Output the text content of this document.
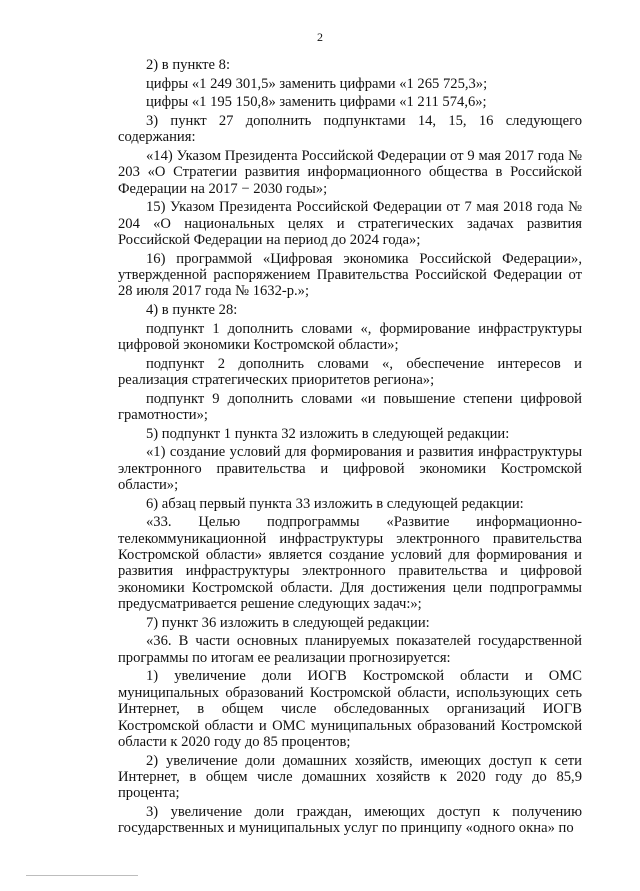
2

2) в пункте 8:

цифры «1 249 301,5» заменить цифрами «1 265 725,3»;

цифры «1 195 150,8» заменить цифрами «1 211 574,6»;

3) пункт 27 дополнить подпунктами 14, 15, 16 следующего содержания:

«14) Указом Президента Российской Федерации от 9 мая 2017 года № 203 «О Стратегии развития информационного общества в Российской Федерации на 2017 − 2030 годы»;

15) Указом Президента Российской Федерации от 7 мая 2018 года № 204 «О национальных целях и стратегических задачах развития Российской Федерации на период до 2024 года»;

16) программой «Цифровая экономика Российской Федерации», утвержденной распоряжением Правительства Российской Федерации от 28 июля 2017 года № 1632-р.»;

4) в пункте 28:

подпункт 1 дополнить словами «, формирование инфраструктуры цифровой экономики Костромской области»;

подпункт 2 дополнить словами «, обеспечение интересов и реализация стратегических приоритетов региона»;

подпункт 9 дополнить словами «и повышение степени цифровой грамотности»;

5) подпункт 1 пункта 32 изложить в следующей редакции:

«1) создание условий для формирования и развития инфраструктуры электронного правительства и цифровой экономики Костромской области»;

6) абзац первый пункта 33 изложить в следующей редакции:

«33. Целью подпрограммы «Развитие информационно-телекоммуникационной инфраструктуры электронного правительства Костромской области» является создание условий для формирования и развития инфраструктуры электронного правительства и цифровой экономики Костромской области. Для достижения цели подпрограммы предусматривается решение следующих задач:»;

7) пункт 36 изложить в следующей редакции:

«36. В части основных планируемых показателей государственной программы по итогам ее реализации прогнозируется:

1) увеличение доли ИОГВ Костромской области и ОМС муниципальных образований Костромской области, использующих сеть Интернет, в общем числе обследованных организаций ИОГВ Костромской области и ОМС муниципальных образований Костромской области к 2020 году до 85 процентов;

2) увеличение доли домашних хозяйств, имеющих доступ к сети Интернет, в общем числе домашних хозяйств к 2020 году до 85,9 процента;

3) увеличение доли граждан, имеющих доступ к получению государственных и муниципальных услуг по принципу «одного окна» по
